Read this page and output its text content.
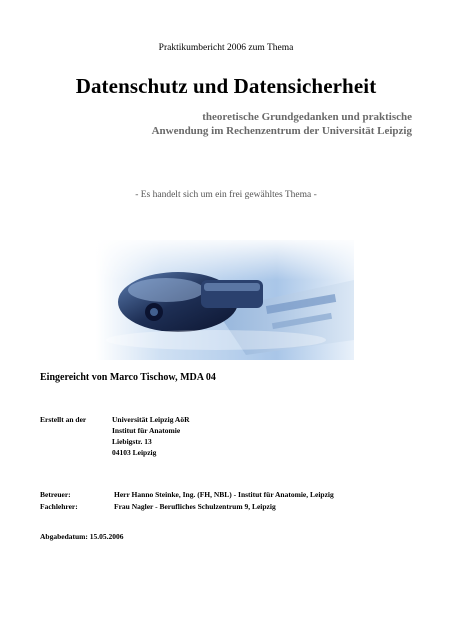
Praktikumbericht 2006 zum Thema
Datenschutz und Datensicherheit
theoretische Grundgedanken und praktische
Anwendung im Rechenzentrum der Universität Leipzig
- Es handelt sich um ein frei gewähltes Thema -
Eingereicht von Marco Tischow, MDA 04
Erstellt an der	Universität Leipzig AöR
Institut für Anatomie
Liebigstr. 13
04103 Leipzig
Betreuer:	Herr Hanno Steinke, Ing. (FH, NBL) - Institut für Anatomie, Leipzig
Fachlehrer:	Frau Nagler - Berufliches Schulzentrum 9, Leipzig
Abgabedatum: 15.05.2006
